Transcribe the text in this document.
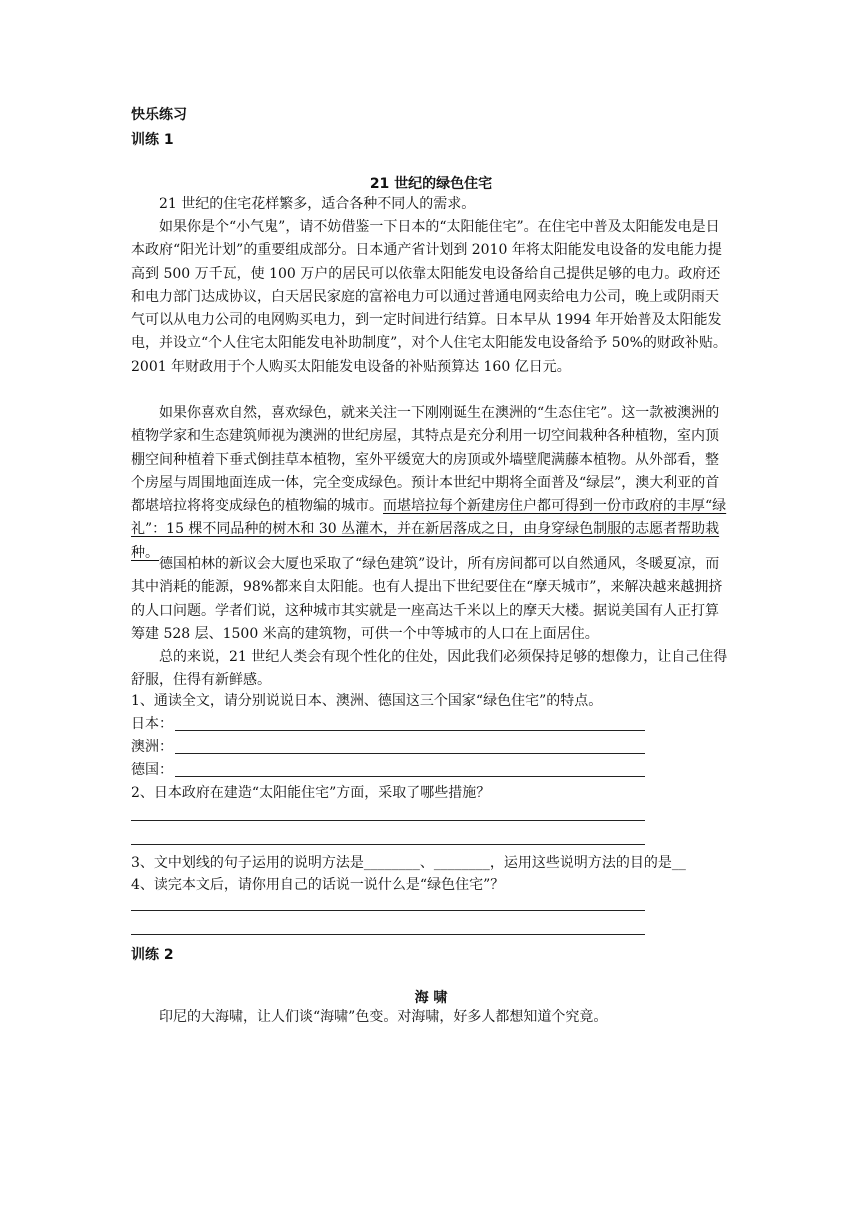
快乐练习
训练 1
21 世纪的绿色住宅
21 世纪的住宅花样繁多，适合各种不同人的需求。
如果你是个“小气鬼”，请不妨借鉴一下日本的“太阳能住宅”。在住宅中普及太阳能发电是日本政府“阳光计划”的重要组成部分。日本通产省计划到 2010 年将太阳能发电设备的发电能力提高到 500 万千瓦，使 100 万户的居民可以依靠太阳能发电设备给自己提供足够的电力。政府还和电力部门达成协议，白天居民家庭的富裕电力可以通过普通电网卖给电力公司，晚上或阴雨天气可以从电力公司的电网购买电力，到一定时间进行结算。日本早从 1994 年开始普及太阳能发电，并设立“个人住宅太阳能发电补助制度”，对个人住宅太阳能发电设备给予 50%的财政补贴。2001 年财政用于个人购买太阳能发电设备的补贴预算达 160 亿日元。
如果你喜欢自然，喜欢绿色，就来关注一下刚刚诞生在澳洲的“生态住宅”。这一款被澳洲的植物学家和生态建筑师视为澳洲的世纪房屋，其特点是充分利用一切空间栽种各种植物，室内顶棚空间种植着下垂式倒挂草本植物，室外平缓宽大的房顶或外墙壁爬满藤本植物。从外部看，整个房屋与周围地面连成一体，完全变成绿色。预计本世纪中期将全面普及“绿层”，澳大利亚的首都堪培拉将将变成绿色的植物编的城市。而堪培拉每个新建房住户都可得到一份市政府的丰厚“绿礼”：15 棵不同品种的树木和 30 丛灌木，并在新居落成之日，由身穿绿色制服的志愿者帮助栽种。
德国柏林的新议会大厦也采取了“绿色建筑”设计，所有房间都可以自然通风，冬暖夏凉，而其中消耗的能源，98%都来自太阳能。也有人提出下世纪要住在“摩天城市”，来解决越来越拥挤的人口问题。学者们说，这种城市其实就是一座高达千米以上的摩天大楼。据说美国有人正打算筹建 528 层、1500 米高的建筑物，可供一个中等城市的人口在上面居住。
总的来说，21 世纪人类会有现个性化的住处，因此我们必须保持足够的想像力，让自己住得舒服，住得有新鲜感。
1、通读全文，请分别说说日本、澳洲、德国这三个国家“绿色住宅”的特点。
日本：
澳洲：
德国：
2、日本政府在建造“太阳能住宅”方面，采取了哪些措施？
3、文中划线的句子运用的说明方法是________、________，运用这些说明方法的目的是__
4、读完本文后，请你用自己的话说一说什么是“绿色住宅”？
训练 2
海 啸
印尼的大海啸，让人们谈“海啸”色变。对海啸，好多人都想知道个究竟。
